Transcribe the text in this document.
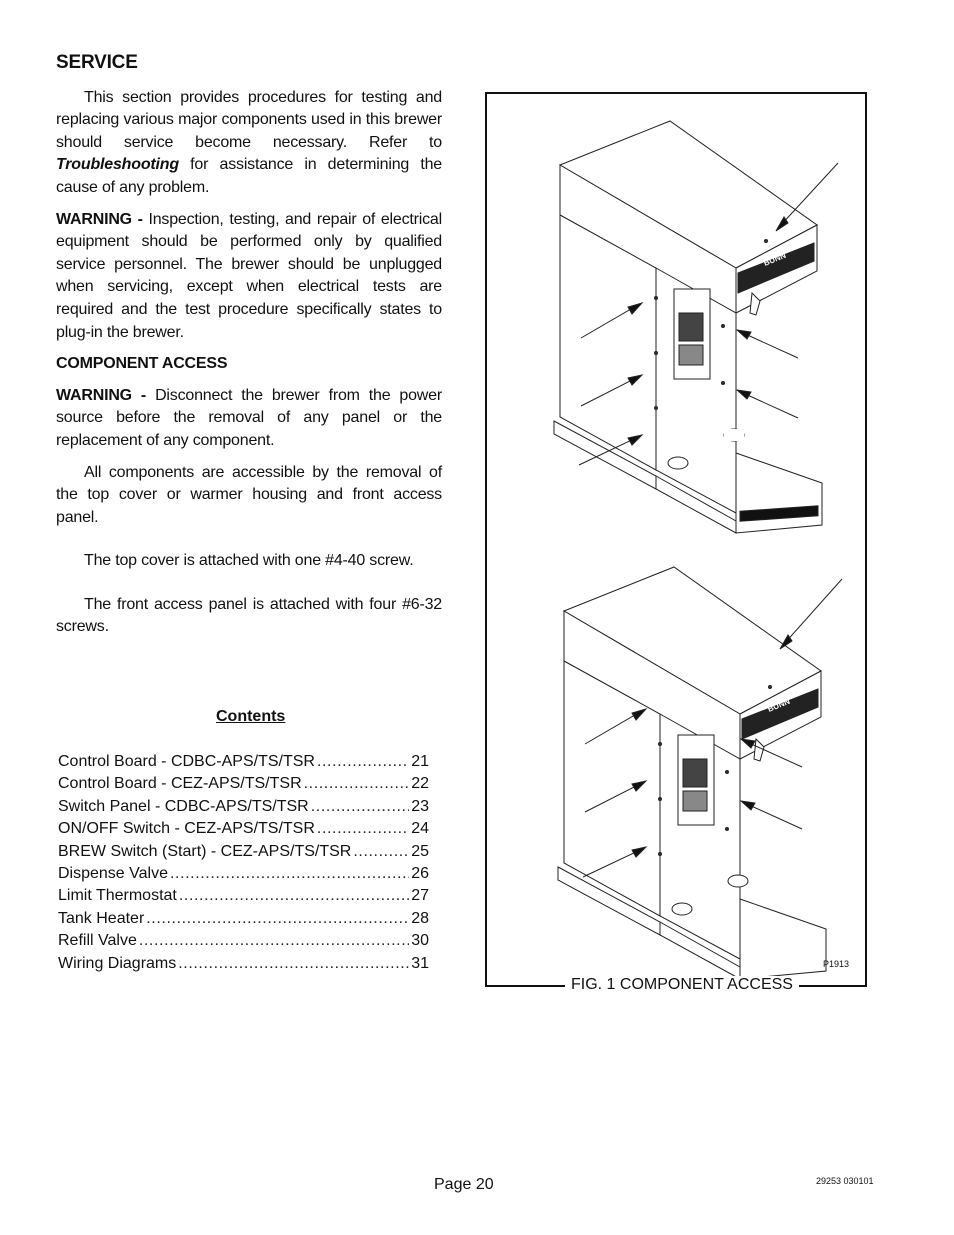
SERVICE

This section provides procedures for testing and replacing various major components used in this brewer should service become necessary. Refer to Troubleshooting for assistance in determining the cause of any problem.

WARNING - Inspection, testing, and repair of electrical equipment should be performed only by qualified service personnel. The brewer should be unplugged when servicing, except when electrical tests are required and the test procedure specifically states to plug-in the brewer.

COMPONENT ACCESS

WARNING - Disconnect the brewer from the power source before the removal of any panel or the replacement of any component.

All components are accessible by the removal of the top cover or warmer housing and front access panel.

The top cover is attached with one #4-40 screw.

The front access panel is attached with four #6-32 screws.

Contents
Control Board - CDBC-APS/TS/TSR .....	21
Control Board - CEZ-APS/TS/TSR .....	22
Switch Panel - CDBC-APS/TS/TSR .....	23
ON/OFF Switch - CEZ-APS/TS/TSR .....	24
BREW Switch (Start) - CEZ-APS/TS/TSR .....	25
Dispense Valve .....	26
Limit Thermostat .....	27
Tank Heater .....	28
Refill Valve .....	30
Wiring Diagrams .....	31
BUNN
BUNN
P1913
FIG. 1 COMPONENT ACCESS
Page 20	29253 030101
